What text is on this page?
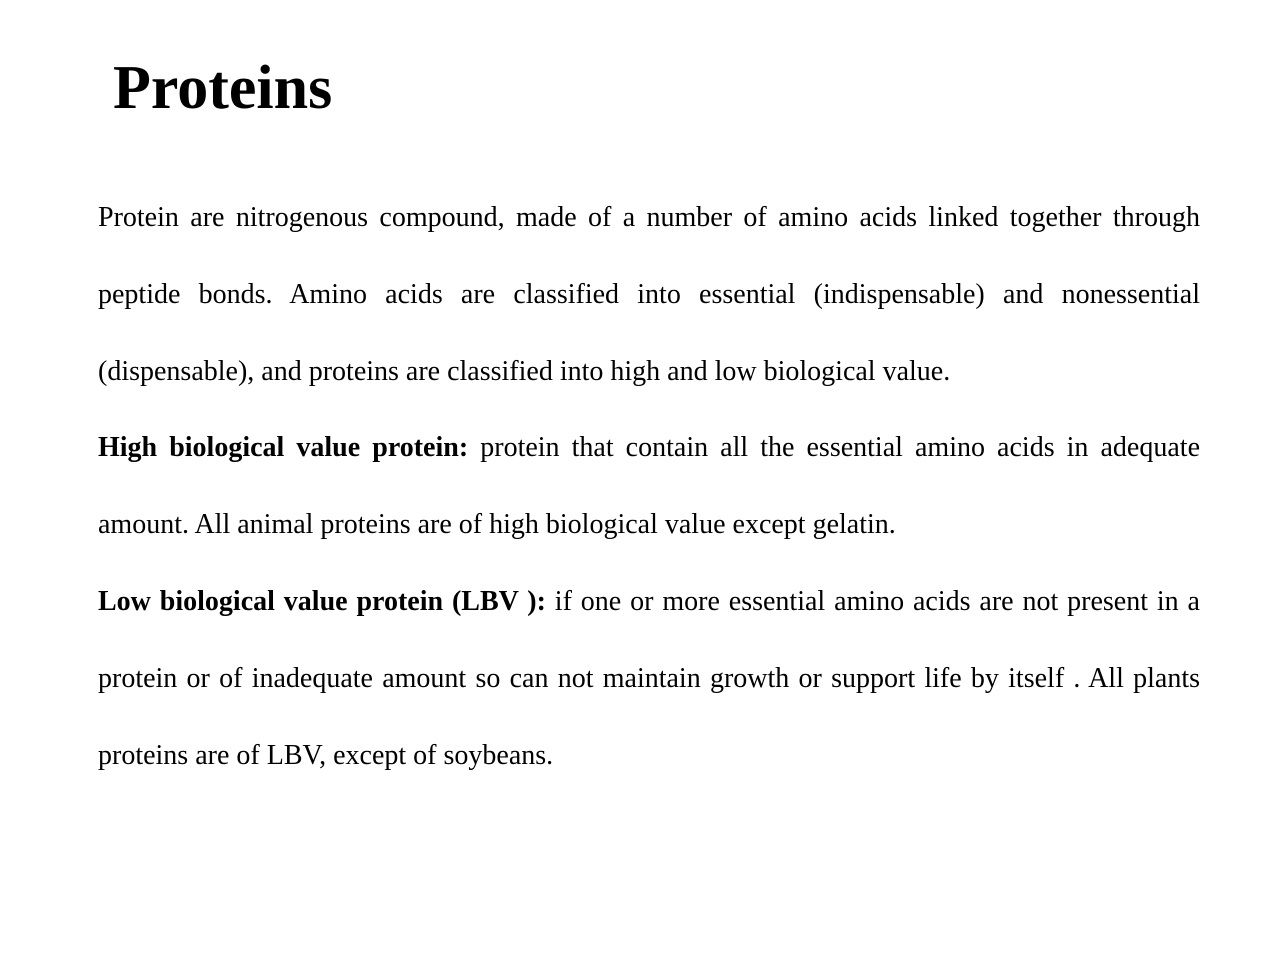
Proteins

Protein are nitrogenous compound, made of a number of amino acids linked together through peptide bonds. Amino acids are classified into essential (indispensable) and nonessential (dispensable), and proteins are classified into high and low biological value.

High biological value protein: protein that contain all the essential amino acids in adequate amount. All animal proteins are of high biological value except gelatin.

Low biological value protein (LBV ): if one or more essential amino acids are not present in a protein or of inadequate amount so can not maintain growth or support life by itself . All plants proteins are of LBV, except of soybeans.
